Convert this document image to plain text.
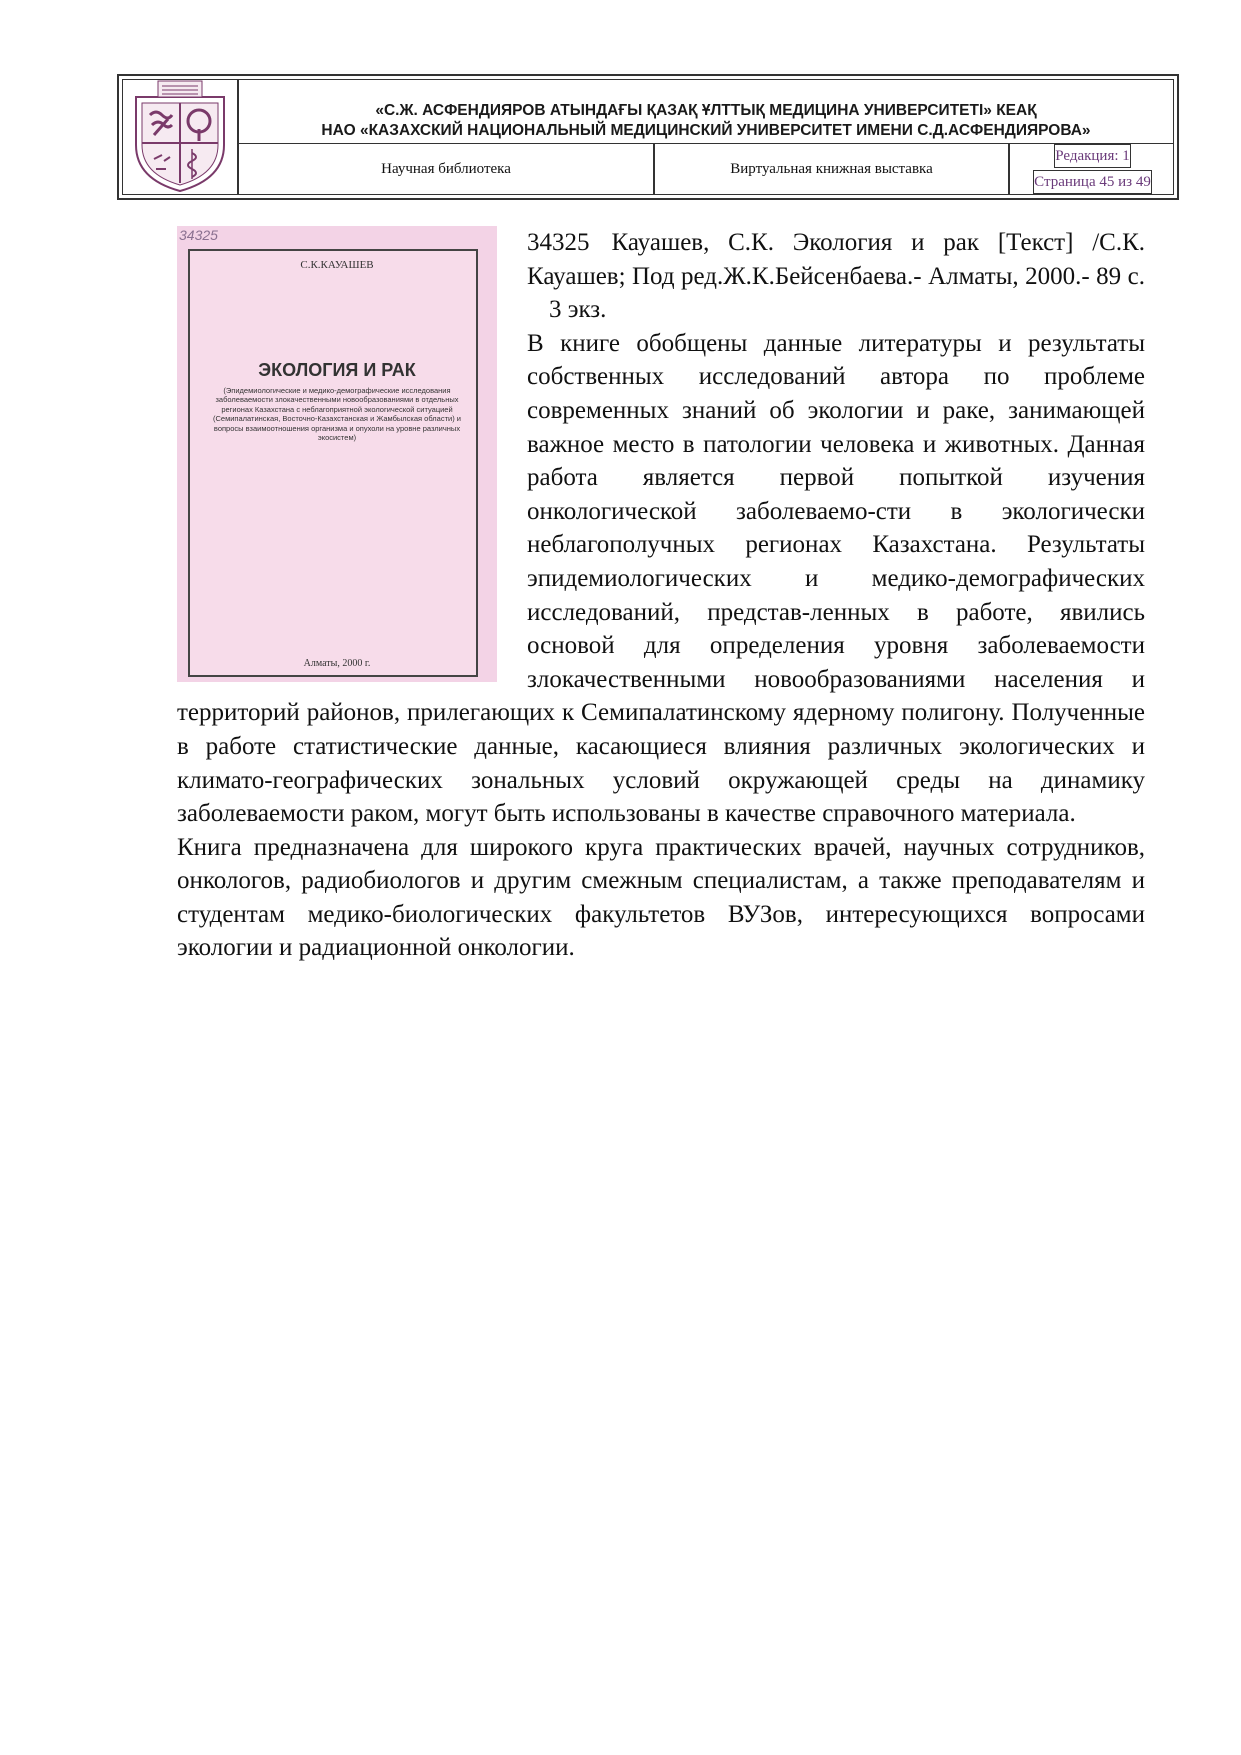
«С.Ж. АСФЕНДИЯРОВ АТЫНДАҒЫ ҚАЗАҚ ҰЛТТЫҚ МЕДИЦИНА УНИВЕРСИТЕТІ» КЕАҚ
НАО «КАЗАХСКИЙ НАЦИОНАЛЬНЫЙ МЕДИЦИНСКИЙ УНИВЕРСИТЕТ ИМЕНИ С.Д.АСФЕНДИЯРОВА»
Научная библиотека	Виртуальная книжная выставка
Редакция: 1
Страница 45 из 49
34325
С.К.КАУАШЕВ
ЭКОЛОГИЯ И РАК
(Эпидемиологические и медико-демографические исследования заболеваемости злокачественными новообразованиями в отдельных регионах Казахстана с неблагоприятной экологической ситуацией (Семипалатинская, Восточно-Казахстанская и Жамбылская области) и вопросы взаимоотношения организма и опухоли на уровне различных экосистем)
Алматы, 2000 г.

34325 Кауашев, С.К. Экология и рак [Текст] /С.К. Кауашев; Под ред.Ж.К.Бейсенбаева.- Алматы, 2000.- 89 с.3 экз.

В книге обобщены данные литературы и результаты собственных исследований автора по проблеме современных знаний об экологии и раке, занимающей важное место в патологии человека и животных. Данная работа является первой попыткой изучения онкологической заболеваемо-сти в экологически неблагополучных регионах Казахстана. Результаты эпидемиологических и медико-демографических исследований, представ-ленных в работе, явились основой для определения уровня заболеваемости злокачественными новообразованиями населения и территорий районов, прилегающих к Семипалатинскому ядерному полигону. Полученные в работе статистические данные, касающиеся влияния различных экологических и климато-географических зональных условий окружающей среды на динамику заболеваемости раком, могут быть использованы в качестве справочного материала.

Книга предназначена для широкого круга практических врачей, научных сотрудников, онкологов, радиобиологов и другим смежным специалистам, а также преподавателям и студентам медико-биологических факультетов ВУЗов, интересующихся вопросами экологии и радиационной онкологии.
